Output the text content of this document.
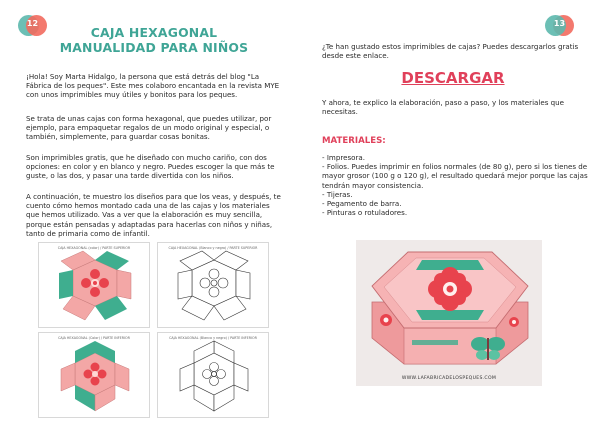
12
CAJA HEXAGONAL
MANUALIDAD PARA NIÑOS
¡Hola! Soy Marta Hidalgo, la persona que está detrás del blog "La Fábrica de los peques". Este mes colaboro encantada en la revista MYE con unos imprimibles muy útiles y bonitos para los peques.
Se trata de unas cajas con forma hexagonal, que puedes utilizar, por ejemplo, para empaquetar regalos de un modo original y especial, o también, simplemente, para guardar cosas bonitas.
Son imprimibles gratis, que he diseñado con mucho cariño, con dos opciones: en color y en blanco y negro. Puedes escoger la que más te guste, o las dos, y pasar una tarde divertida con los niños.
A continuación, te muestro los diseños para que los veas, y después, te cuento cómo hemos montado cada una de las cajas y los materiales que hemos utilizado. Vas a ver que la elaboración es muy sencilla, porque están pensadas y adaptadas para hacerlas con niños y niñas, tanto de primaria como de infantil.
CAJA HEXAGONAL (color) / PARTE SUPERIOR	CAJA HEXAGONAL (Blanco y negro) / PARTE SUPERIOR
CAJA HEXAGONAL (Color) / PARTE INFERIOR	CAJA HEXAGONAL (Blanco y negro) / PARTE INFERIOR
13
¿Te han gustado estos imprimibles de cajas? Puedes descargarlos gratis desde este enlace.
DESCARGAR
Y ahora, te explico la elaboración, paso a paso, y los materiales que necesitas.
MATERIALES:
- Impresora.
- Folios. Puedes imprimir en folios normales (de 80 g), pero si los tienes de mayor grosor (100 g o 120 g), el resultado quedará mejor porque las cajas tendrán mayor consistencia.
- Tijeras.
- Pegamento de barra.
- Pinturas o rotuladores.
WWW.LAFABRICADELOSPEQUES.COM
